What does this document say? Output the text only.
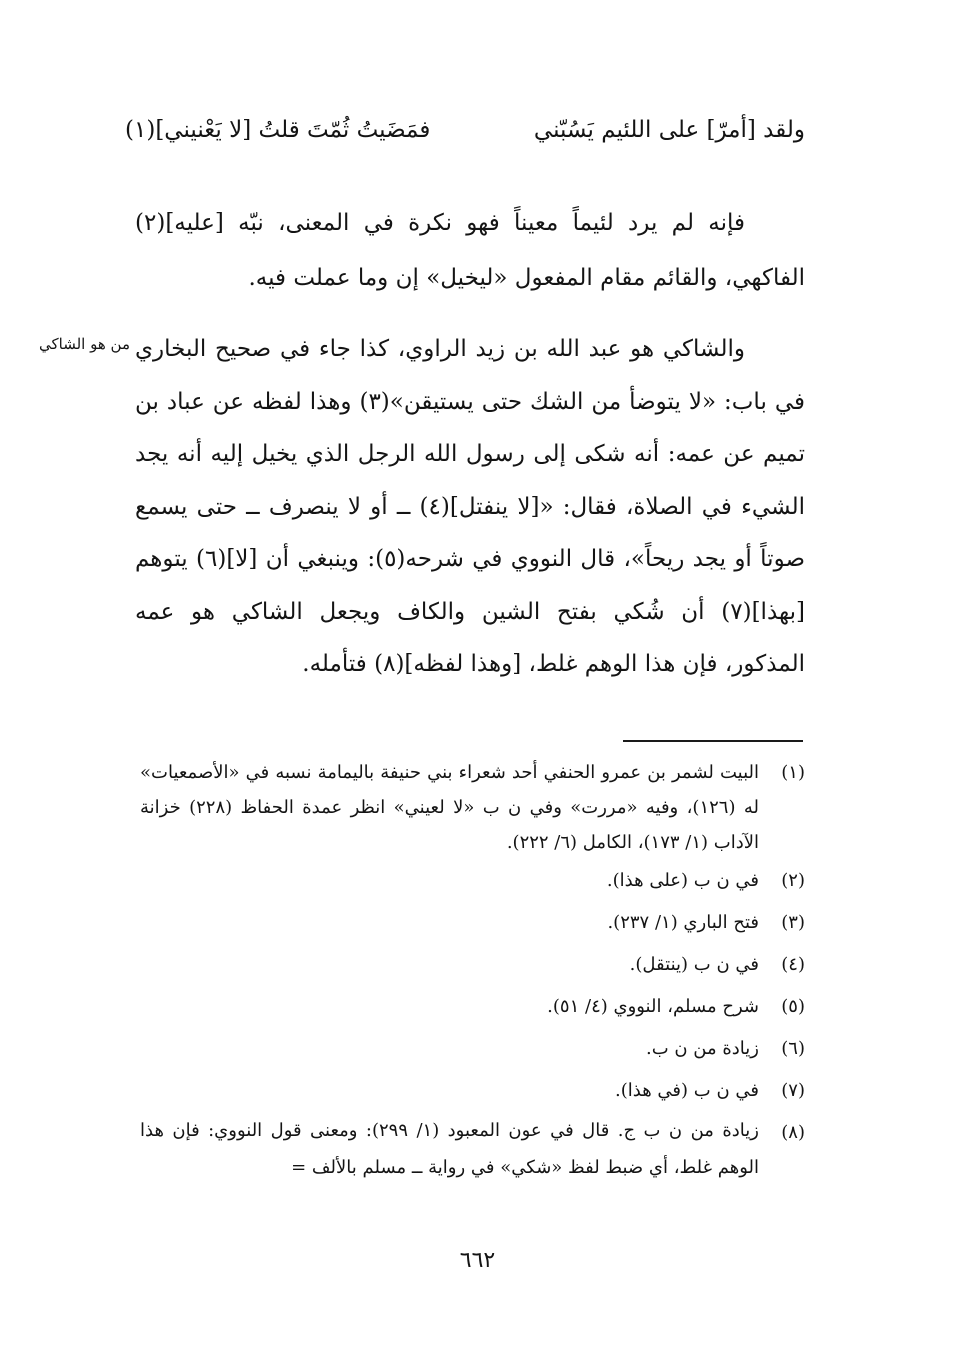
ولقد [أمرّ] على اللئيم يَسُبّني
فمَضَيتُ ثُمّتَ قلتُ [لا يَعْنيني](١)

فإنه لم يرد لئيماً معيناً فهو نكرة في المعنى، نبّه [عليه](٢) الفاكهي، والقائم مقام المفعول «ليخيل» إن وما عملت فيه.

من هو الشاكي والشاكي هو عبد الله بن زيد الراوي، كذا جاء في صحيح البخاري في باب: «لا يتوضأ من الشك حتى يستيقن»(٣) وهذا لفظه عن عباد بن تميم عن عمه: أنه شكى إلى رسول الله الرجل الذي يخيل إليه أنه يجد الشيء في الصلاة، فقال: «[لا ينفتل](٤) ــ أو لا ينصرف ــ حتى يسمع صوتاً أو يجد ريحاً»، قال النووي في شرحه(٥): وينبغي أن [لا](٦) يتوهم [بهذا](٧) أن شُكي بفتح الشين والكاف ويجعل الشاكي هو عمه المذكور، فإن هذا الوهم غلط، [وهذا لفظه](٨) فتأمله.

(١)
البيت لشمر بن عمرو الحنفي أحد شعراء بني حنيفة باليمامة نسبه في «الأصمعيات» له (١٢٦)، وفيه «مررت» وفي ن ب «لا لعيني» انظر عمدة الحفاظ (٢٢٨) خزانة الآداب (١/ ١٧٣)، الكامل (٦/ ٢٢٢).
(٢)
في ن ب (على هذا).
(٣)
فتح الباري (١/ ٢٣٧).
(٤)
في ن ب (ينتقل).
(٥)
شرح مسلم، النووي (٤/ ٥١).
(٦)
زيادة من ن ب.
(٧)
في ن ب (في هذا).
(٨)
زيادة من ن ب ج. قال في عون المعبود (١/ ٢٩٩): ومعنى قول النووي: فإن هذا الوهم غلط، أي ضبط لفظ «شكي» في رواية ــ مسلم بالألف =
٦٦٢
